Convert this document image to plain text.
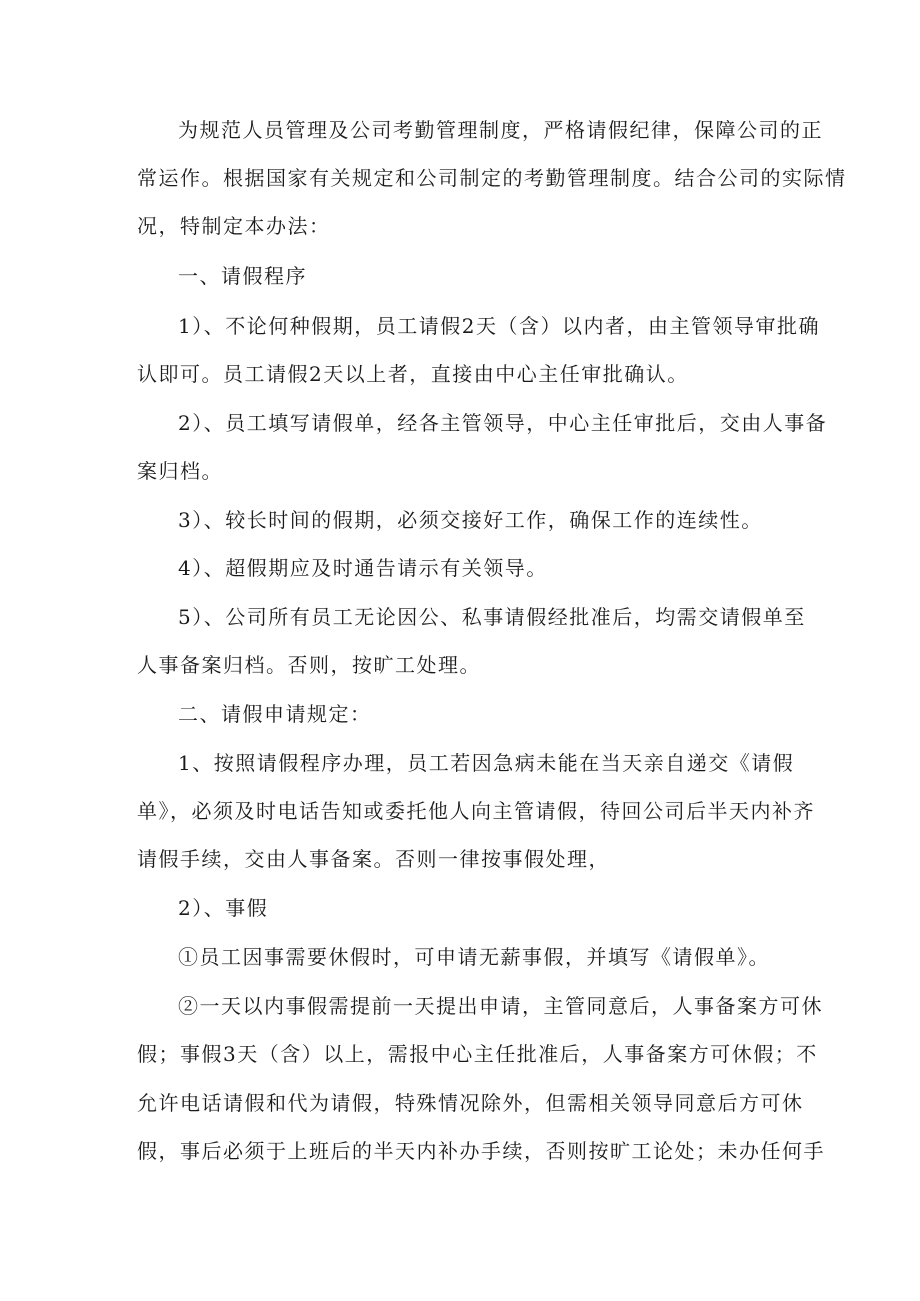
为规范人员管理及公司考勤管理制度，严格请假纪律，保障公司的正
常运作。根据国家有关规定和公司制定的考勤管理制度。结合公司的实际情
况，特制定本办法：
一、请假程序
1）、不论何种假期，员工请假2天（含）以内者，由主管领导审批确
认即可。员工请假2天以上者，直接由中心主任审批确认。
2）、员工填写请假单，经各主管领导，中心主任审批后，交由人事备
案归档。
3）、较长时间的假期，必须交接好工作，确保工作的连续性。
4）、超假期应及时通告请示有关领导。
5）、公司所有员工无论因公、私事请假经批准后，均需交请假单至
人事备案归档。否则，按旷工处理。
二、请假申请规定：
1、按照请假程序办理，员工若因急病未能在当天亲自递交《请假
单》，必须及时电话告知或委托他人向主管请假，待回公司后半天内补齐
请假手续，交由人事备案。否则一律按事假处理，
2）、事假
①员工因事需要休假时，可申请无薪事假，并填写《请假单》。
②一天以内事假需提前一天提出申请，主管同意后，人事备案方可休
假；事假3天（含）以上，需报中心主任批准后，人事备案方可休假；不
允许电话请假和代为请假，特殊情况除外，但需相关领导同意后方可休
假，事后必须于上班后的半天内补办手续，否则按旷工论处；未办任何手
